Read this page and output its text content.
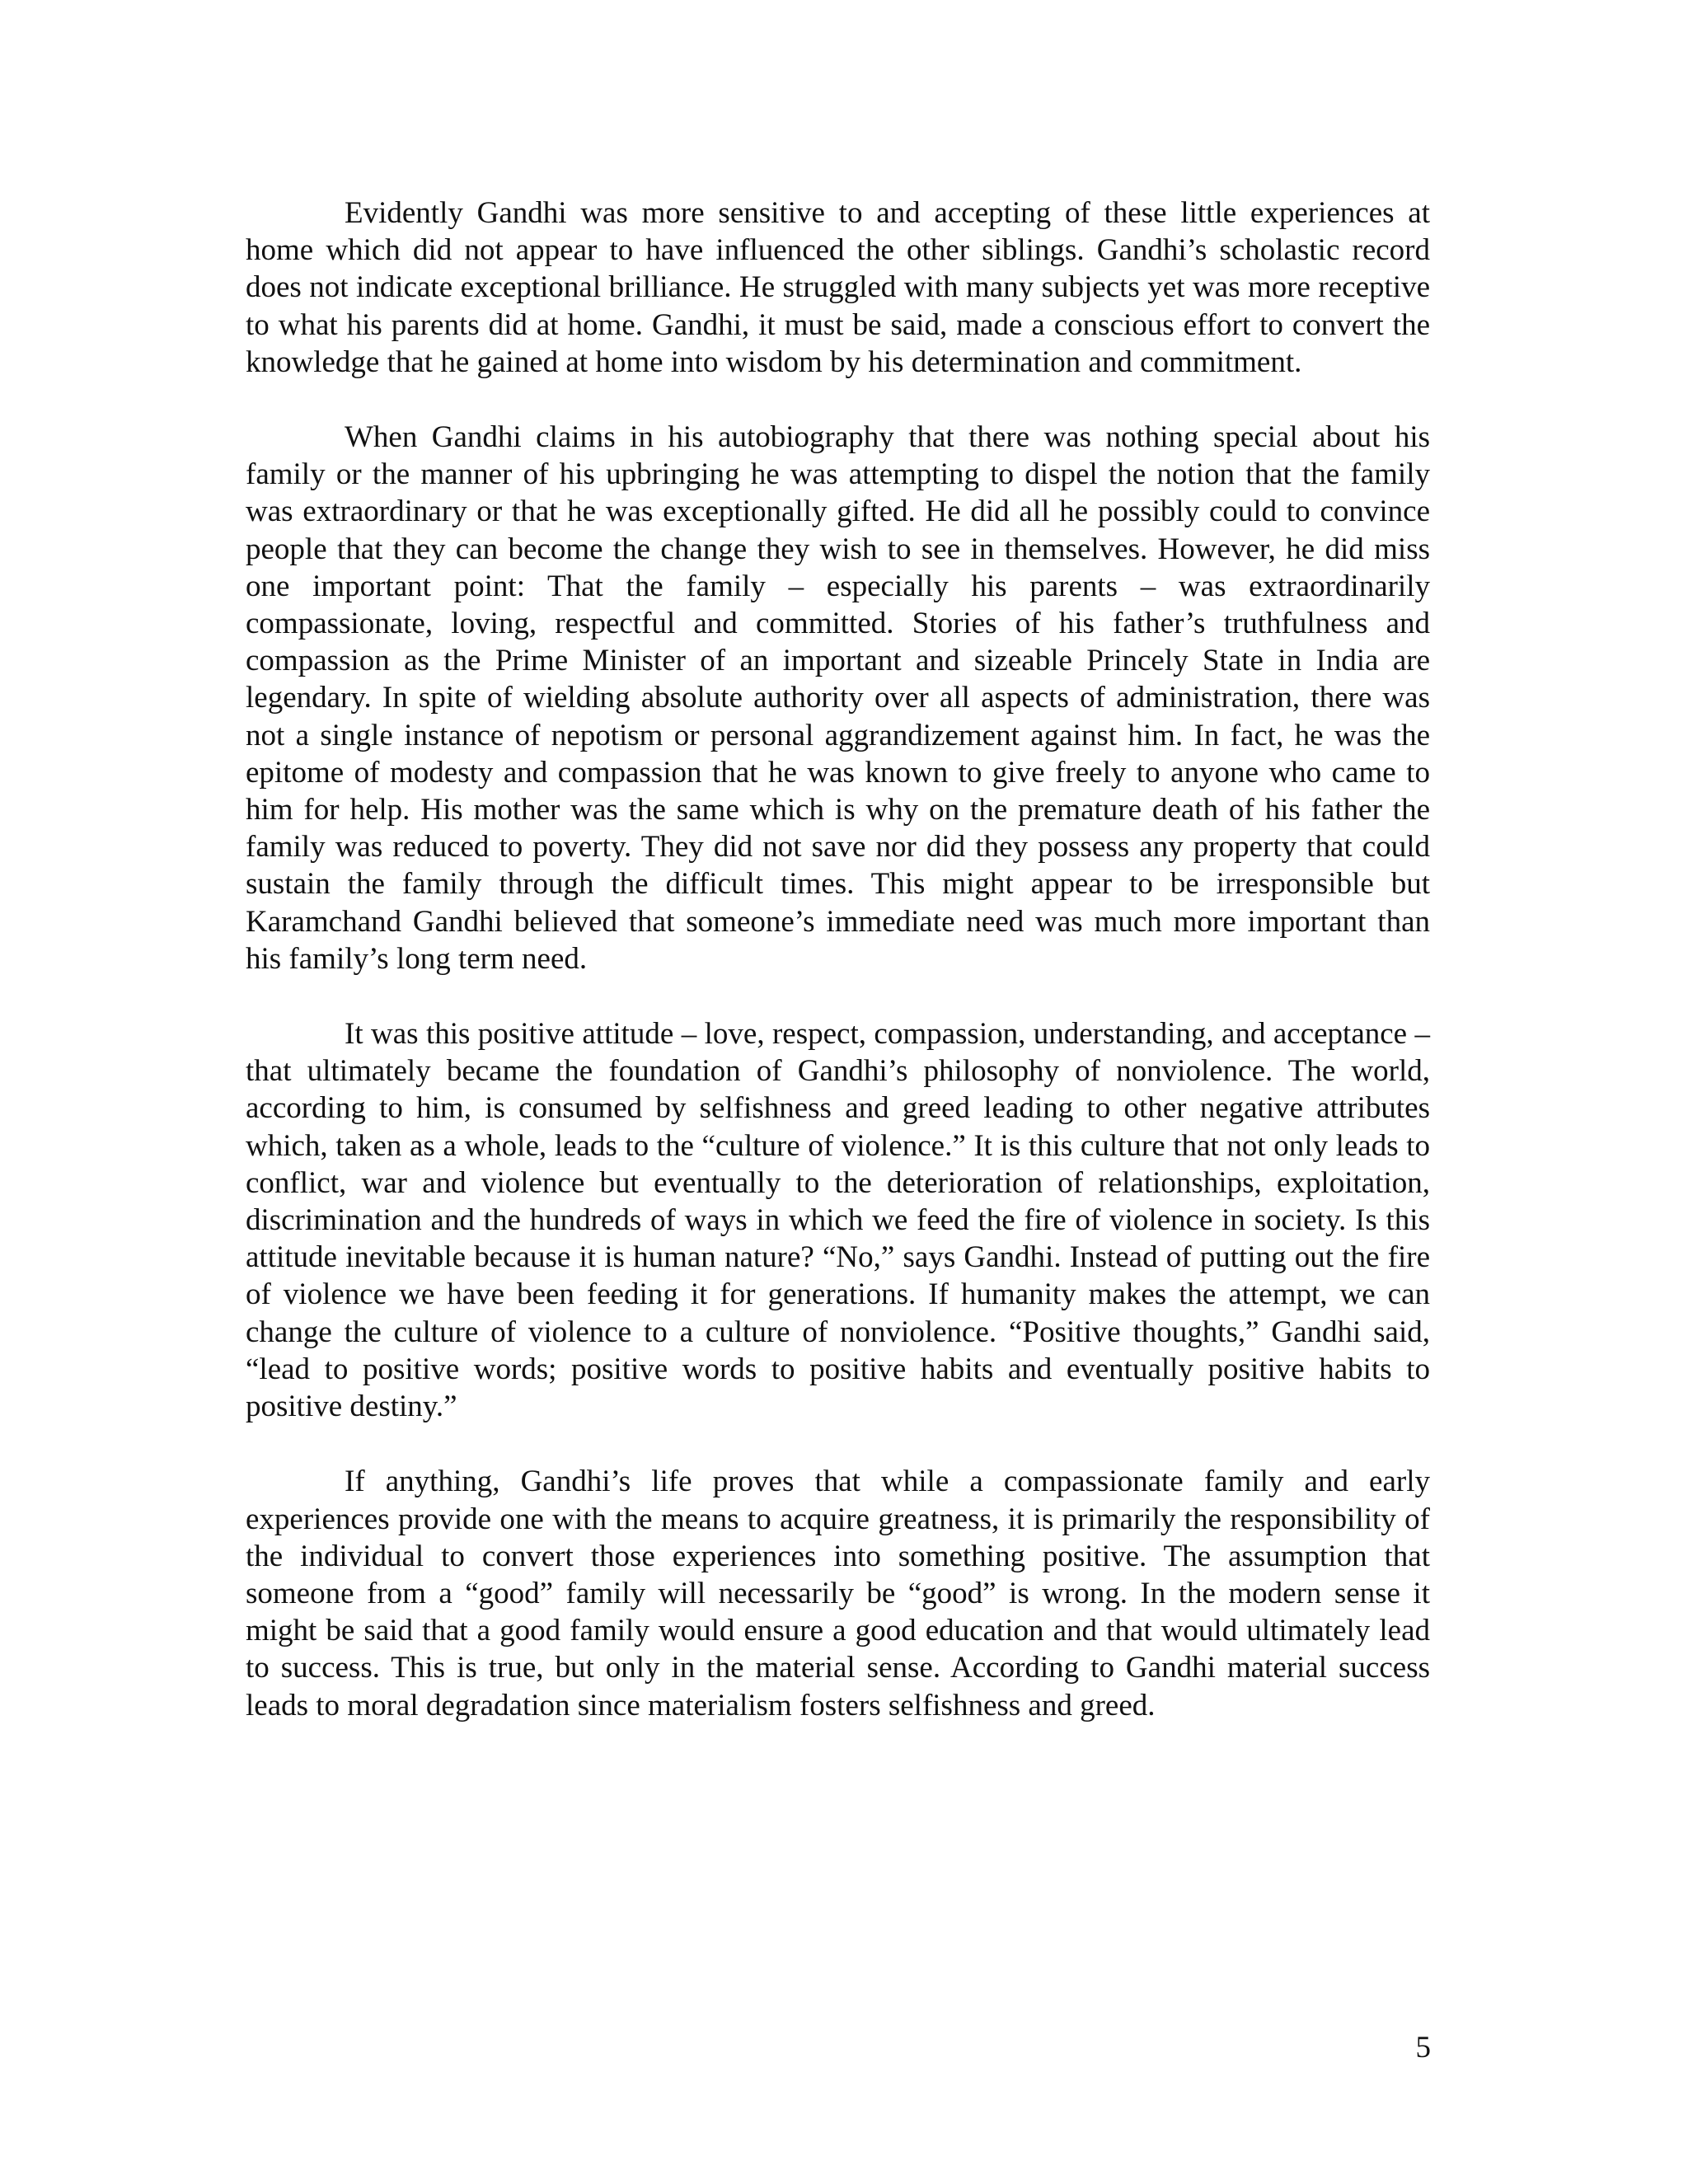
Evidently Gandhi was more sensitive to and accepting of these little experiences at home which did not appear to have influenced the other siblings. Gandhi’s scholastic record does not indicate exceptional brilliance. He struggled with many subjects yet was more receptive to what his parents did at home. Gandhi, it must be said, made a conscious effort to convert the knowledge that he gained at home into wisdom by his determination and commitment.

When Gandhi claims in his autobiography that there was nothing special about his family or the manner of his upbringing he was attempting to dispel the notion that the family was extraordinary or that he was exceptionally gifted. He did all he possibly could to convince people that they can become the change they wish to see in themselves. However, he did miss one important point: That the family – especially his parents – was extraordinarily compassionate, loving, respectful and committed. Stories of his father’s truthfulness and compassion as the Prime Minister of an important and sizeable Princely State in India are legendary. In spite of wielding absolute authority over all aspects of administration, there was not a single instance of nepotism or personal aggrandizement against him. In fact, he was the epitome of modesty and compassion that he was known to give freely to anyone who came to him for help. His mother was the same which is why on the premature death of his father the family was reduced to poverty. They did not save nor did they possess any property that could sustain the family through the difficult times. This might appear to be irresponsible but Karamchand Gandhi believed that someone’s immediate need was much more important than his family’s long term need.

It was this positive attitude – love, respect, compassion, understanding, and acceptance – that ultimately became the foundation of Gandhi’s philosophy of nonviolence. The world, according to him, is consumed by selfishness and greed leading to other negative attributes which, taken as a whole, leads to the “culture of violence.” It is this culture that not only leads to conflict, war and violence but eventually to the deterioration of relationships, exploitation, discrimination and the hundreds of ways in which we feed the fire of violence in society. Is this attitude inevitable because it is human nature? “No,” says Gandhi. Instead of putting out the fire of violence we have been feeding it for generations. If humanity makes the attempt, we can change the culture of violence to a culture of nonviolence. “Positive thoughts,” Gandhi said, “lead to positive words; positive words to positive habits and eventually positive habits to positive destiny.”

If anything, Gandhi’s life proves that while a compassionate family and early experiences provide one with the means to acquire greatness, it is primarily the responsibility of the individual to convert those experiences into something positive. The assumption that someone from a “good” family will necessarily be “good” is wrong. In the modern sense it might be said that a good family would ensure a good education and that would ultimately lead to success. This is true, but only in the material sense. According to Gandhi material success leads to moral degradation since materialism fosters selfishness and greed.

5
